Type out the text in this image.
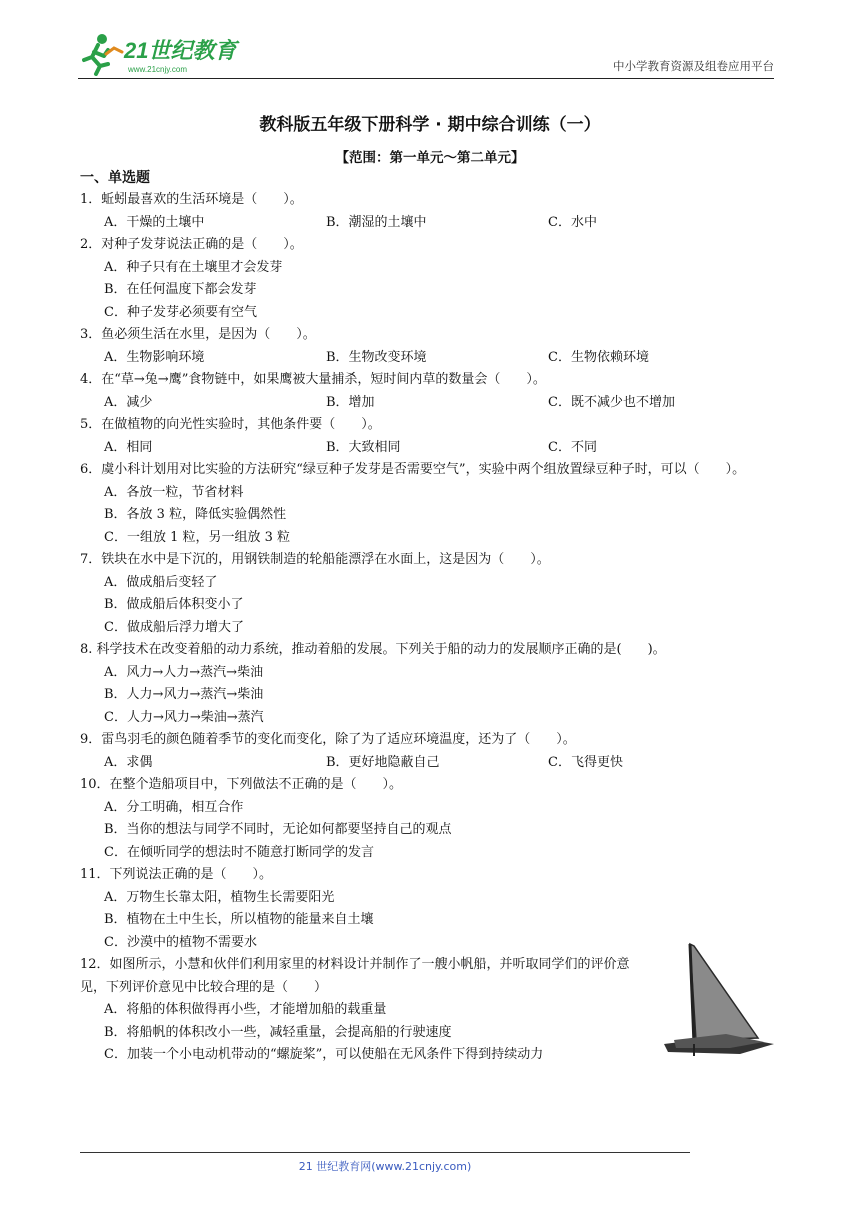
21世纪教育
www.21cnjy.com	中小学教育资源及组卷应用平台
教科版五年级下册科学 · 期中综合训练（一）
【范围：第一单元～第二单元】
一、单选题
1．蚯蚓最喜欢的生活环境是（　　）。
A．干燥的土壤中	B．潮湿的土壤中	C．水中
2．对种子发芽说法正确的是（　　）。
A．种子只有在土壤里才会发芽
B．在任何温度下都会发芽
C．种子发芽必须要有空气
3．鱼必须生活在水里，是因为（　　）。
A．生物影响环境	B．生物改变环境	C．生物依赖环境
4．在“草→兔→鹰”食物链中，如果鹰被大量捕杀，短时间内草的数量会（　　）。
A．减少	B．增加	C．既不减少也不增加
5．在做植物的向光性实验时，其他条件要（　　）。
A．相同	B．大致相同	C．不同
6．虞小科计划用对比实验的方法研究“绿豆种子发芽是否需要空气”，实验中两个组放置绿豆种子时，可以（　　）。
A．各放一粒，节省材料
B．各放 3 粒，降低实验偶然性
C．一组放 1 粒，另一组放 3 粒
7．铁块在水中是下沉的，用钢铁制造的轮船能漂浮在水面上，这是因为（　　）。
A．做成船后变轻了
B．做成船后体积变小了
C．做成船后浮力增大了
8. 科学技术在改变着船的动力系统，推动着船的发展。下列关于船的动力的发展顺序正确的是(　　)。
A．风力→人力→蒸汽→柴油
B．人力→风力→蒸汽→柴油
C．人力→风力→柴油→蒸汽
9．雷鸟羽毛的颜色随着季节的变化而变化，除了为了适应环境温度，还为了（　　）。
A．求偶	B．更好地隐蔽自己	C．飞得更快
10．在整个造船项目中，下列做法不正确的是（　　）。
A．分工明确，相互合作
B．当你的想法与同学不同时，无论如何都要坚持自己的观点
C．在倾听同学的想法时不随意打断同学的发言
11．下列说法正确的是（　　）。
A．万物生长靠太阳，植物生长需要阳光
B．植物在土中生长，所以植物的能量来自土壤
C．沙漠中的植物不需要水
12．如图所示，小慧和伙伴们利用家里的材料设计并制作了一艘小帆船，并听取同学们的评价意见，下列评价意见中比较合理的是（　　）
A．将船的体积做得再小些，才能增加船的载重量
B．将船帆的体积改小一些，减轻重量，会提高船的行驶速度
C．加装一个小电动机带动的“螺旋桨”，可以使船在无风条件下得到持续动力
21 世纪教育网(www.21cnjy.com)
